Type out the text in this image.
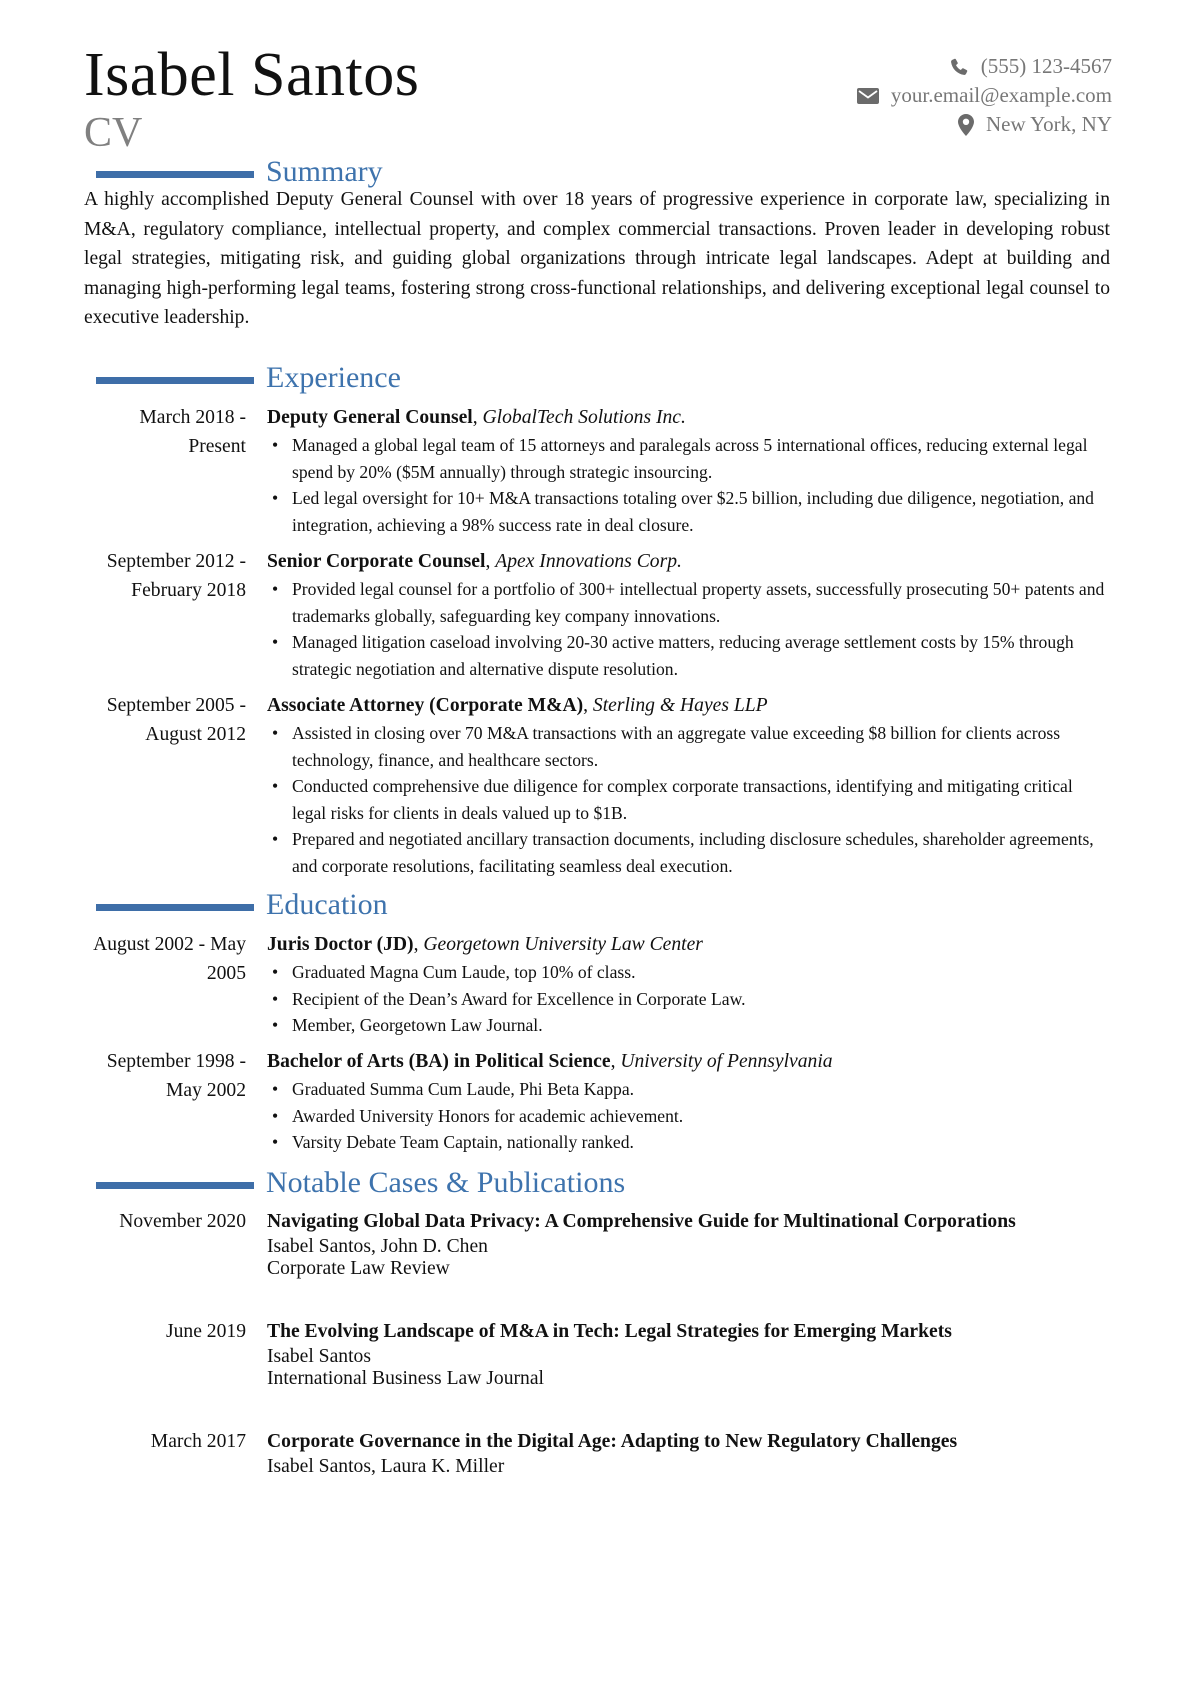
Isabel Santos
CV
(555) 123-4567
your.email@example.com
New York, NY
Summary
A highly accomplished Deputy General Counsel with over 18 years of progressive experience in corporate law, specializing in M&A, regulatory compliance, intellectual property, and complex commercial transactions. Proven leader in developing robust legal strategies, mitigating risk, and guiding global organizations through intricate legal landscapes. Adept at building and managing high-performing legal teams, fostering strong cross-functional relationships, and delivering exceptional legal counsel to executive leadership.
Experience
March 2018 - Present
Deputy General Counsel, GlobalTech Solutions Inc.
• Managed a global legal team of 15 attorneys and paralegals across 5 international offices, reducing external legal spend by 20% ($5M annually) through strategic insourcing.
• Led legal oversight for 10+ M&A transactions totaling over $2.5 billion, including due diligence, negotiation, and integration, achieving a 98% success rate in deal closure.
September 2012 - February 2018
Senior Corporate Counsel, Apex Innovations Corp.
• Provided legal counsel for a portfolio of 300+ intellectual property assets, successfully prosecuting 50+ patents and trademarks globally, safeguarding key company innovations.
• Managed litigation caseload involving 20-30 active matters, reducing average settlement costs by 15% through strategic negotiation and alternative dispute resolution.
September 2005 - August 2012
Associate Attorney (Corporate M&A), Sterling & Hayes LLP
• Assisted in closing over 70 M&A transactions with an aggregate value exceeding $8 billion for clients across technology, finance, and healthcare sectors.
• Conducted comprehensive due diligence for complex corporate transactions, identifying and mitigating critical legal risks for clients in deals valued up to $1B.
• Prepared and negotiated ancillary transaction documents, including disclosure schedules, shareholder agreements, and corporate resolutions, facilitating seamless deal execution.
Education
August 2002 - May 2005
Juris Doctor (JD), Georgetown University Law Center
• Graduated Magna Cum Laude, top 10% of class.
• Recipient of the Dean’s Award for Excellence in Corporate Law.
• Member, Georgetown Law Journal.
September 1998 - May 2002
Bachelor of Arts (BA) in Political Science, University of Pennsylvania
• Graduated Summa Cum Laude, Phi Beta Kappa.
• Awarded University Honors for academic achievement.
• Varsity Debate Team Captain, nationally ranked.
Notable Cases & Publications
November 2020 Navigating Global Data Privacy: A Comprehensive Guide for Multinational Corporations
Isabel Santos, John D. Chen
Corporate Law Review
June 2019 The Evolving Landscape of M&A in Tech: Legal Strategies for Emerging Markets
Isabel Santos
International Business Law Journal
March 2017 Corporate Governance in the Digital Age: Adapting to New Regulatory Challenges
Isabel Santos, Laura K. Miller
